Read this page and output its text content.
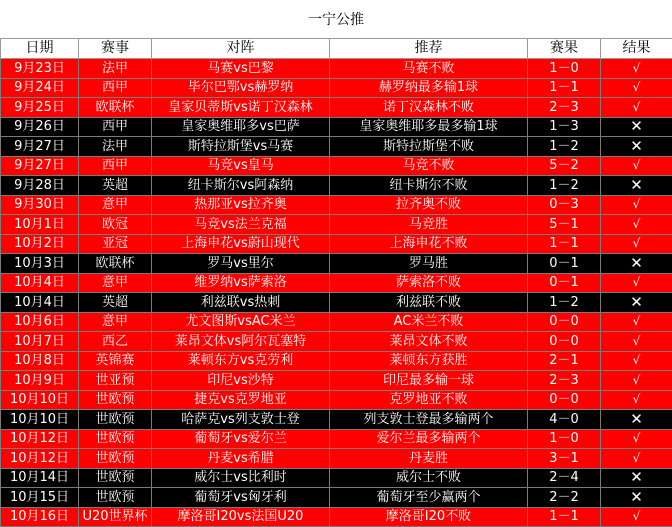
一宁公推
日期	赛事	对阵	推荐	赛果	结果
9月23日	法甲	马赛vs巴黎	马赛不败	1－0	√
9月24日	西甲	毕尔巴鄂vs赫罗纳	赫罗纳最多输1球	1－1	√
9月25日	欧联杯	皇家贝蒂斯vs诺丁汉森林	诺丁汉森林不败	2－3	√
9月26日	西甲	皇家奥维耶多vs巴萨	皇家奥维耶多最多输1球	1－3	✕
9月27日	法甲	斯特拉斯堡vs马赛	斯特拉斯堡不败	1－2	✕
9月27日	西甲	马竞vs皇马	马竞不败	5－2	√
9月28日	英超	纽卡斯尔vs阿森纳	纽卡斯尔不败	1－2	✕
9月30日	意甲	热那亚vs拉齐奥	拉齐奥不败	0－3	√
10月1日	欧冠	马竞vs法兰克福	马竞胜	5－1	√
10月2日	亚冠	上海申花vs蔚山现代	上海申花不败	1－1	√
10月3日	欧联杯	罗马vs里尔	罗马胜	0－1	✕
10月4日	意甲	维罗纳vs萨索洛	萨索洛不败	0－1	√
10月4日	英超	利兹联vs热刺	利兹联不败	1－2	✕
10月6日	意甲	尤文图斯vsAC米兰	AC米兰不败	0－0	√
10月7日	西乙	莱昂文体vs阿尔瓦塞特	莱昂文体不败	0－0	√
10月8日	英锦赛	莱顿东方vs克劳利	莱顿东方获胜	2－1	√
10月9日	世亚预	印尼vs沙特	印尼最多输一球	2－3	√
10月10日	世欧预	捷克vs克罗地亚	克罗地亚不败	0－0	√
10月10日	世欧预	哈萨克vs列支敦士登	列支敦士登最多输两个	4－0	✕
10月12日	世欧预	葡萄牙vs爱尔兰	爱尔兰最多输两个	1－0	√
10月12日	世欧预	丹麦vs希腊	丹麦胜	3－1	√
10月14日	世欧预	威尔士vs比利时	威尔士不败	2－4	✕
10月15日	世欧预	葡萄牙vs匈牙利	葡萄牙至少赢两个	2－2	✕
10月16日	U20世界杯	摩洛哥I20vs法国U20	摩洛哥I20不败	1－1	√
